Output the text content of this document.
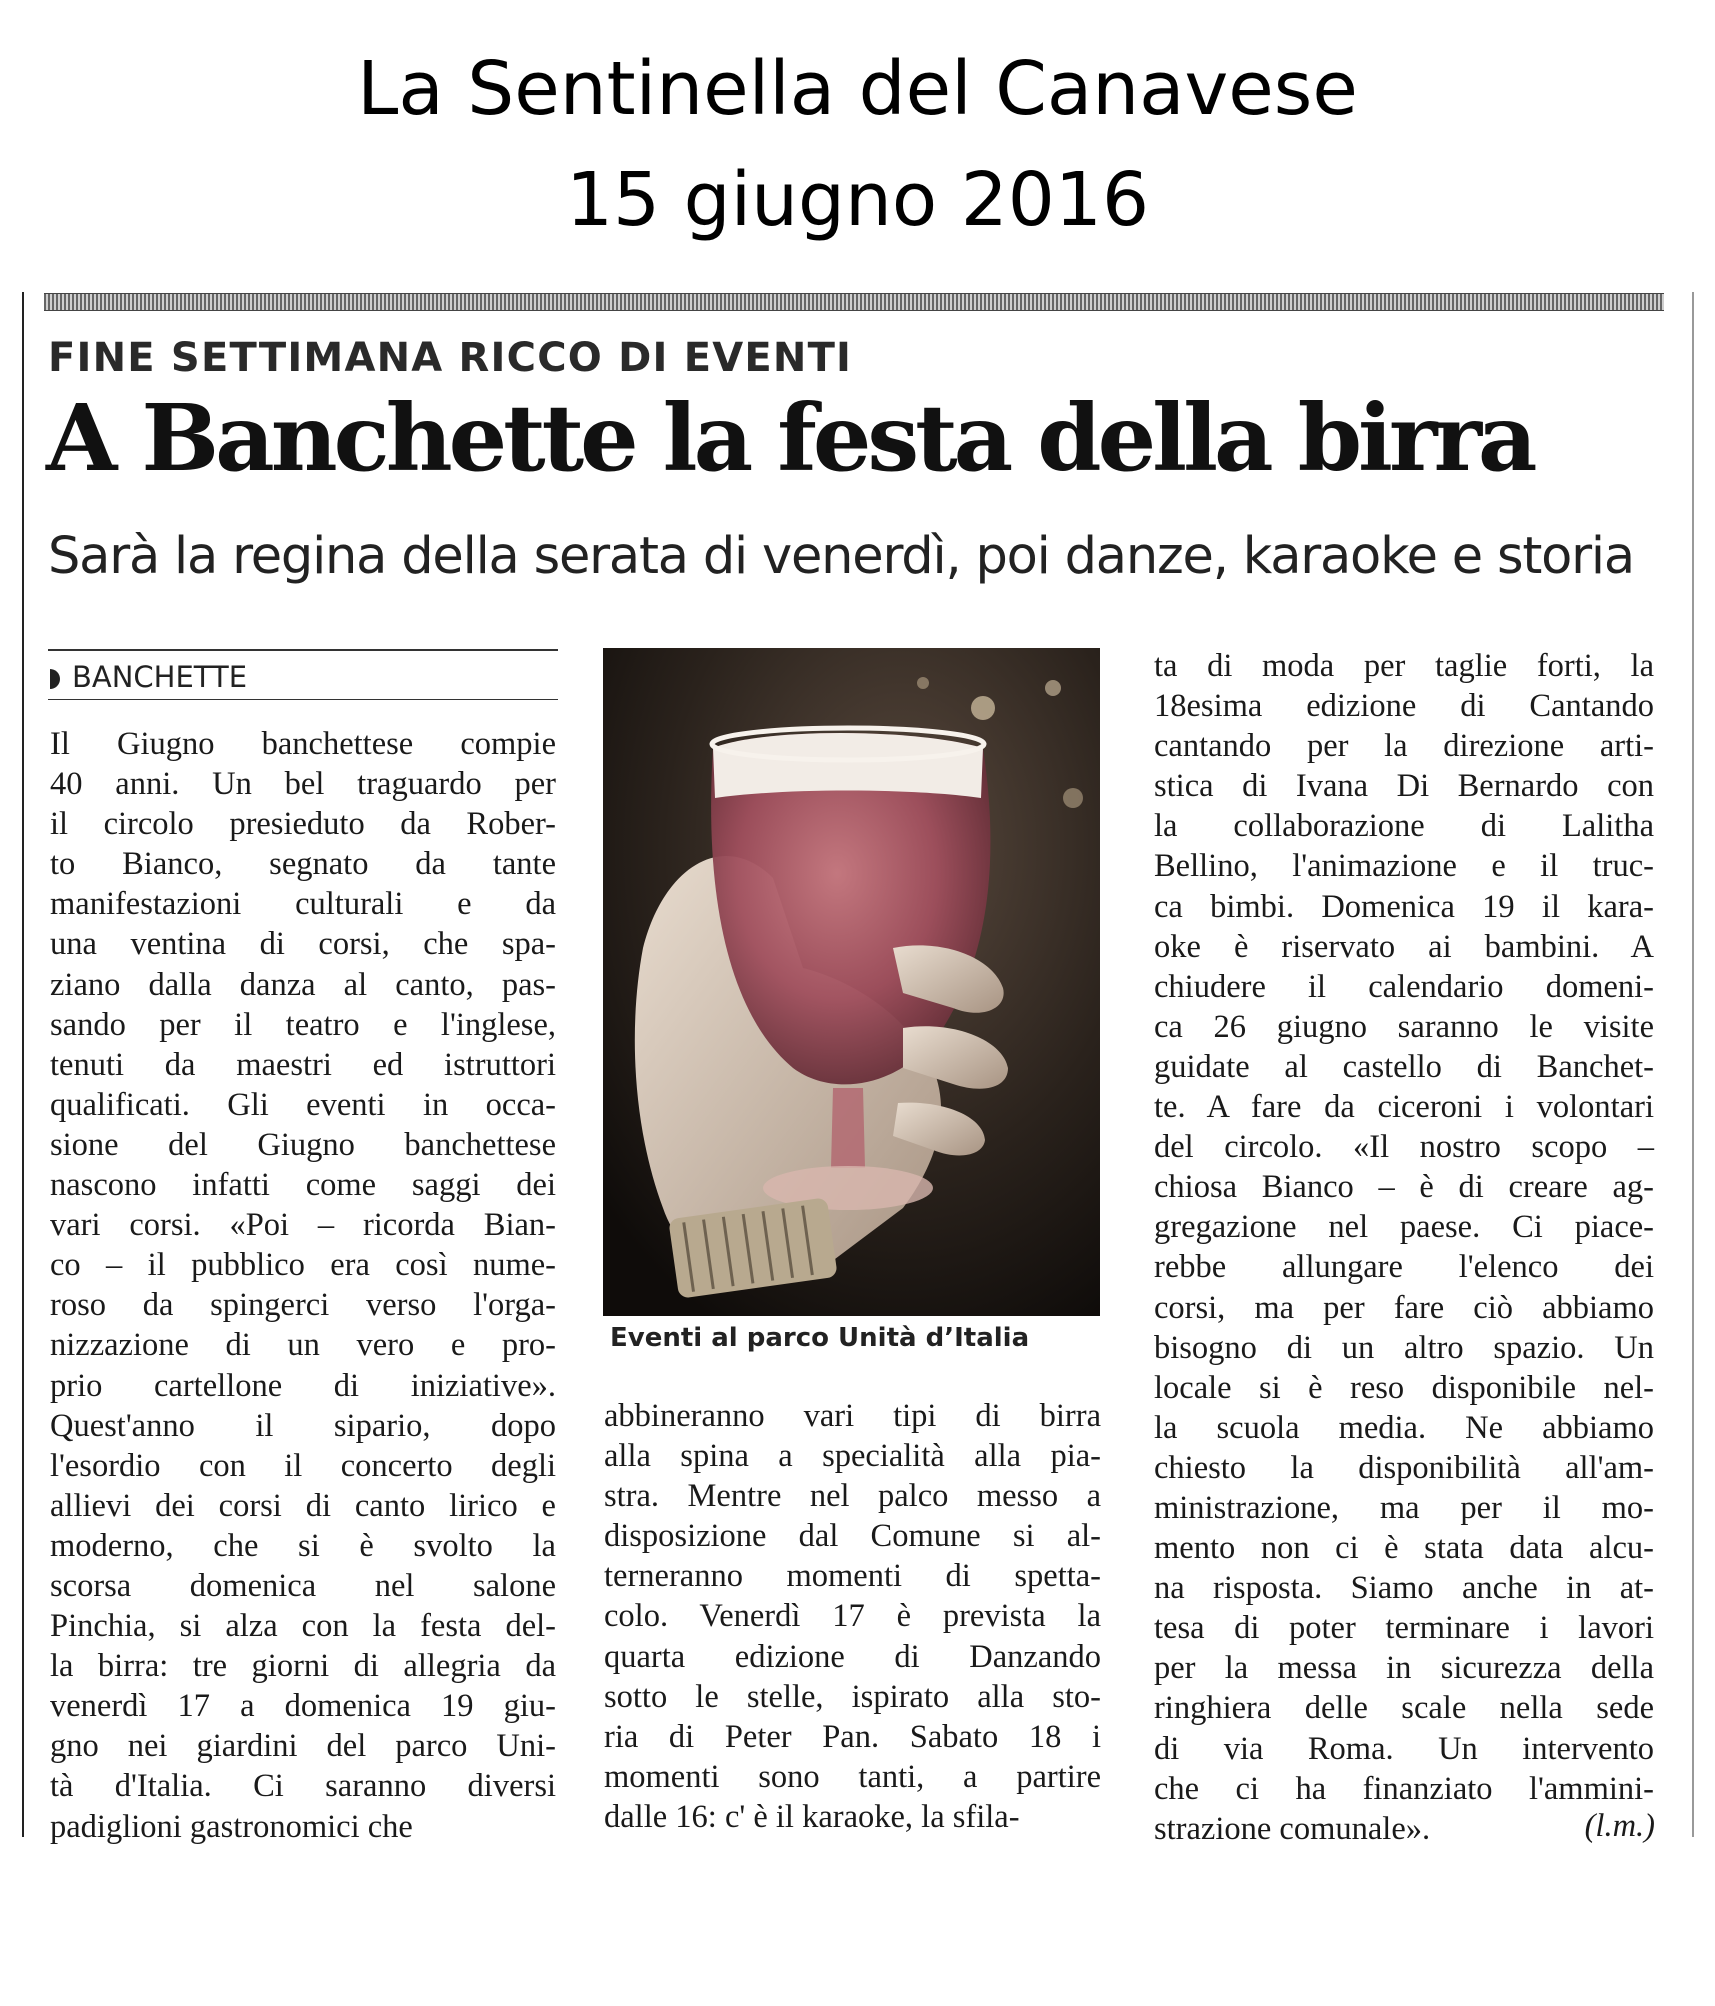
La Sentinella del Canavese
15 giugno 2016
FINE SETTIMANA RICCO DI EVENTI
A Banchette la festa della birra
Sarà la regina della serata di venerdì, poi danze, karaoke e storia
BANCHETTE
Il Giugno banchettese compie
40 anni. Un bel traguardo per
il circolo presieduto da Rober-
to Bianco, segnato da tante
manifestazioni culturali e da
una ventina di corsi, che spa-
ziano dalla danza al canto, pas-
sando per il teatro e l'inglese,
tenuti da maestri ed istruttori
qualificati. Gli eventi in occa-
sione del Giugno banchettese
nascono infatti come saggi dei
vari corsi. «Poi – ricorda Bian-
co – il pubblico era così nume-
roso da spingerci verso l'orga-
nizzazione di un vero e pro-
prio cartellone di iniziative».
Quest'anno il sipario, dopo
l'esordio con il concerto degli
allievi dei corsi di canto lirico e
moderno, che si è svolto la
scorsa domenica nel salone
Pinchia, si alza con la festa del-
la birra: tre giorni di allegria da
venerdì 17 a domenica 19 giu-
gno nei giardini del parco Uni-
tà d'Italia. Ci saranno diversi
padiglioni gastronomici che
Eventi al parco Unità d’Italia
abbineranno vari tipi di birra
alla spina a specialità alla pia-
stra. Mentre nel palco messo a
disposizione dal Comune si al-
terneranno momenti di spetta-
colo. Venerdì 17 è prevista la
quarta edizione di Danzando
sotto le stelle, ispirato alla sto-
ria di Peter Pan. Sabato 18 i
momenti sono tanti, a partire
dalle 16: c' è il karaoke, la sfila-
ta di moda per taglie forti, la
18esima edizione di Cantando
cantando per la direzione arti-
stica di Ivana Di Bernardo con
la collaborazione di Lalitha
Bellino, l'animazione e il truc-
ca bimbi. Domenica 19 il kara-
oke è riservato ai bambini. A
chiudere il calendario domeni-
ca 26 giugno saranno le visite
guidate al castello di Banchet-
te. A fare da ciceroni i volontari
del circolo. «Il nostro scopo –
chiosa Bianco – è di creare ag-
gregazione nel paese. Ci piace-
rebbe allungare l'elenco dei
corsi, ma per fare ciò abbiamo
bisogno di un altro spazio. Un
locale si è reso disponibile nel-
la scuola media. Ne abbiamo
chiesto la disponibilità all'am-
ministrazione, ma per il mo-
mento non ci è stata data alcu-
na risposta. Siamo anche in at-
tesa di poter terminare i lavori
per la messa in sicurezza della
ringhiera delle scale nella sede
di via Roma. Un intervento
che ci ha finanziato l'ammini-
strazione comunale».	(l.m.)
